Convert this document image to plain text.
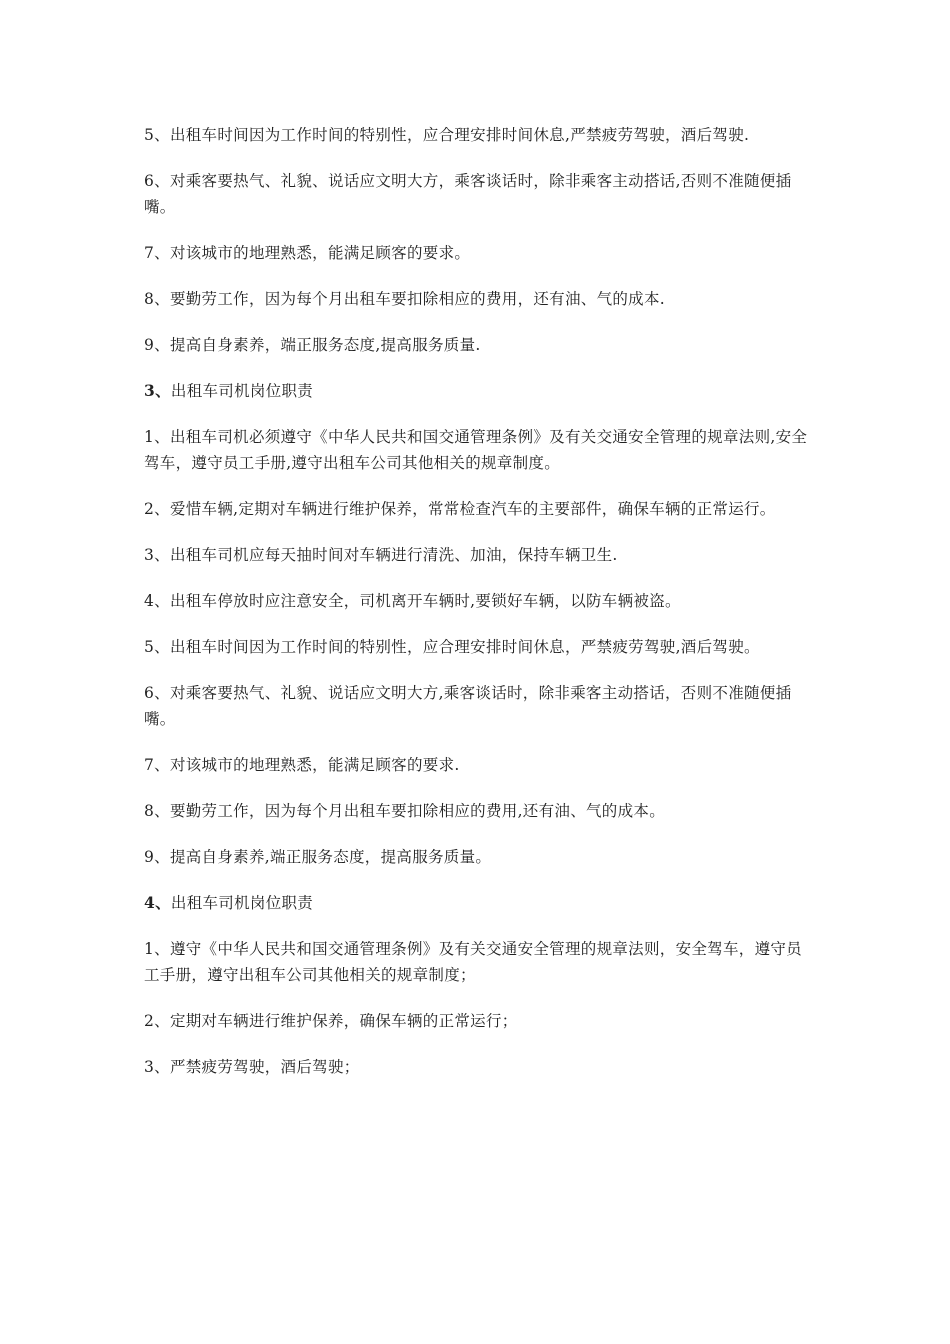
5、出租车时间因为工作时间的特别性，应合理安排时间休息,严禁疲劳驾驶，酒后驾驶.

6、对乘客要热气、礼貌、说话应文明大方，乘客谈话时，除非乘客主动搭话,否则不准随便插嘴。

7、对该城市的地理熟悉，能满足顾客的要求。

8、要勤劳工作，因为每个月出租车要扣除相应的费用，还有油、气的成本.

9、提高自身素养，端正服务态度,提高服务质量.

3、出租车司机岗位职责

1、出租车司机必须遵守《中华人民共和国交通管理条例》及有关交通安全管理的规章法则,安全驾车，遵守员工手册,遵守出租车公司其他相关的规章制度。

2、爱惜车辆,定期对车辆进行维护保养，常常检查汽车的主要部件，确保车辆的正常运行。

3、出租车司机应每天抽时间对车辆进行清洗、加油，保持车辆卫生.

4、出租车停放时应注意安全，司机离开车辆时,要锁好车辆，以防车辆被盗。

5、出租车时间因为工作时间的特别性，应合理安排时间休息，严禁疲劳驾驶,酒后驾驶。

6、对乘客要热气、礼貌、说话应文明大方,乘客谈话时，除非乘客主动搭话，否则不准随便插嘴。

7、对该城市的地理熟悉，能满足顾客的要求.

8、要勤劳工作，因为每个月出租车要扣除相应的费用,还有油、气的成本。

9、提高自身素养,端正服务态度，提高服务质量。

4、出租车司机岗位职责

1、遵守《中华人民共和国交通管理条例》及有关交通安全管理的规章法则，安全驾车，遵守员工手册，遵守出租车公司其他相关的规章制度；

2、定期对车辆进行维护保养，确保车辆的正常运行；

3、严禁疲劳驾驶，酒后驾驶；
